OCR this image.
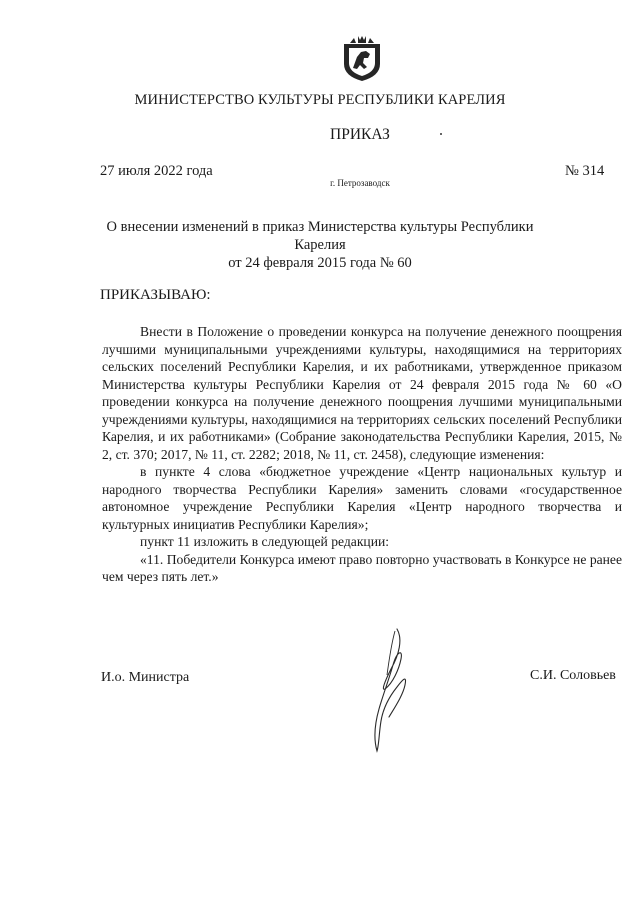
МИНИСТЕРСТВО КУЛЬТУРЫ РЕСПУБЛИКИ КАРЕЛИЯ
ПРИКАЗ
27 июля 2022 года	№ 314
г. Петрозаводск
О внесении изменений в приказ Министерства культуры Республики Карелия
от 24 февраля 2015 года № 60
ПРИКАЗЫВАЮ:

Внести в Положение о проведении конкурса на получение денежного поощрения лучшими муниципальными учреждениями культуры, находящимися на территориях сельских поселений Республики Карелия, и их работниками, утвержденное приказом Министерства культуры Республики Карелия от 24 февраля 2015 года № 60 «О проведении конкурса на получение денежного поощрения лучшими муниципальными учреждениями культуры, находящимися на территориях сельских поселений Республики Карелия, и их работниками» (Собрание законодательства Республики Карелия, 2015, № 2, ст. 370; 2017, № 11, ст. 2282; 2018, № 11, ст. 2458), следующие изменения:

в пункте 4 слова «бюджетное учреждение «Центр национальных культур и народного творчества Республики Карелия» заменить словами «государственное автономное учреждение Республики Карелия «Центр народного творчества и культурных инициатив Республики Карелия»;

пункт 11 изложить в следующей редакции:

«11. Победители Конкурса имеют право повторно участвовать в Конкурсе не ранее чем через пять лет.»

И.о. Министра	С.И. Соловьев
